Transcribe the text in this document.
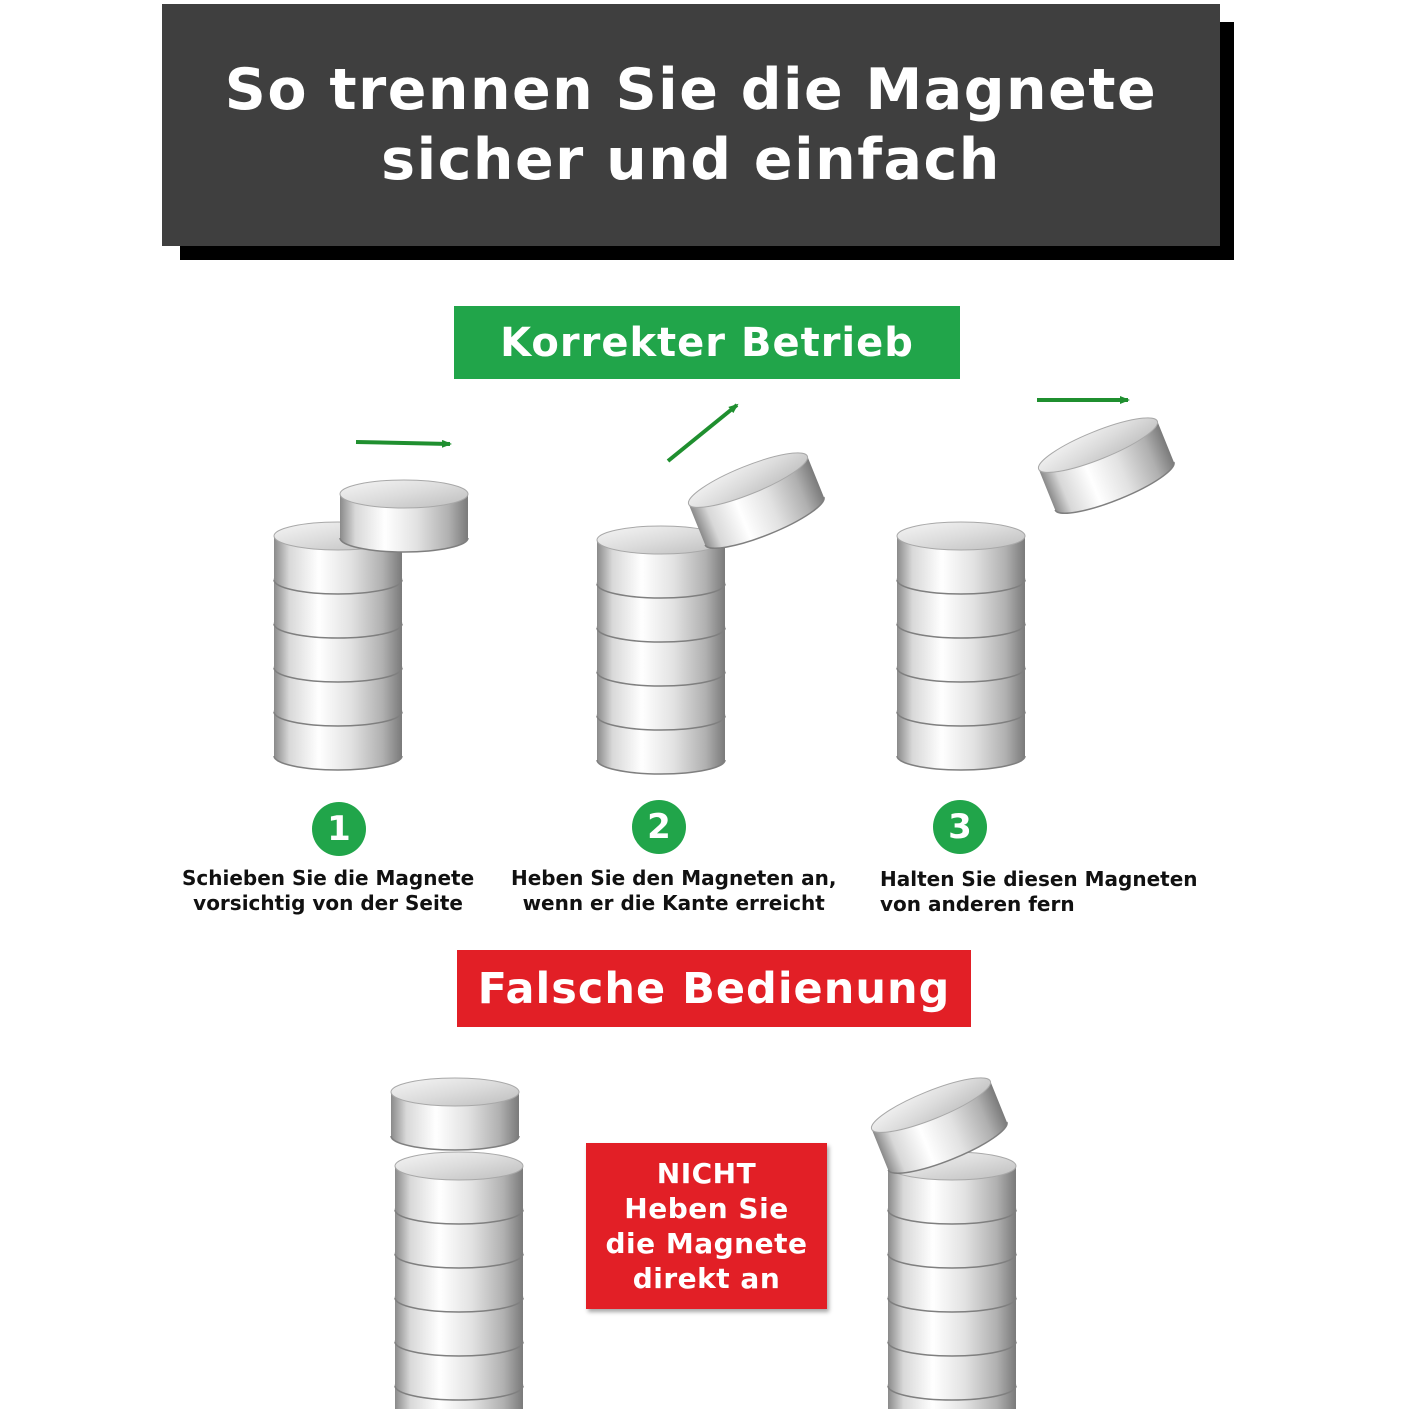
So trennen Sie die Magnete
sicher und einfach
Korrekter Betrieb
1	2	3
Schieben Sie die Magnete
vorsichtig von der Seite
Heben Sie den Magneten an,
wenn er die Kante erreicht
Halten Sie diesen Magneten
von anderen fern
Falsche Bedienung
NICHT
Heben Sie
die Magnete
direkt an
